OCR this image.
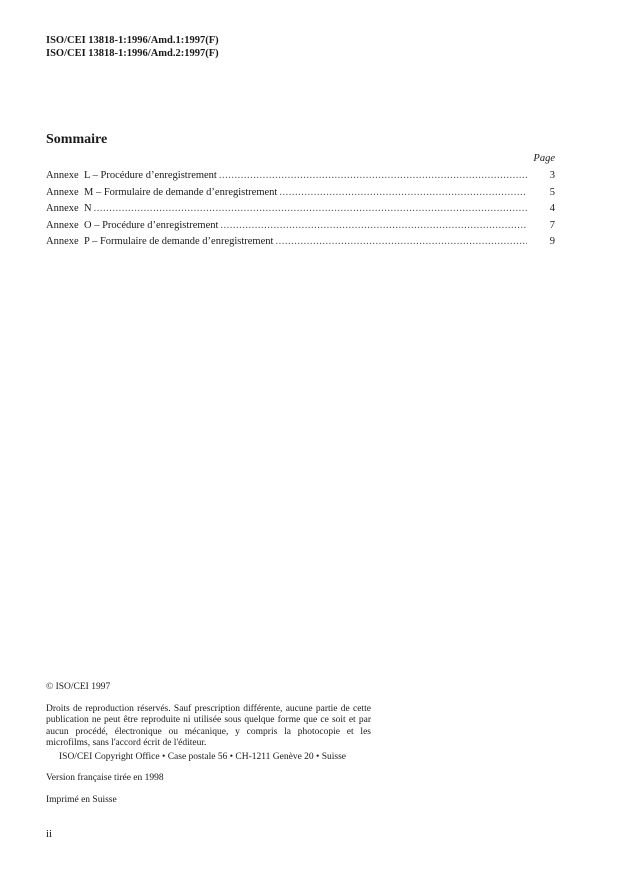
ISO/CEI 13818-1:1996/Amd.1:1997(F)
ISO/CEI 13818-1:1996/Amd.2:1997(F)
Sommaire
Page
Annexe L – Procédure d’enregistrement .....	3
Annexe M – Formulaire de demande d’enregistrement .....	5
Annexe N .....	4
Annexe O – Procédure d’enregistrement .....	7
Annexe P – Formulaire de demande d’enregistrement .....	9
© ISO/CEI 1997
Droits de reproduction réservés. Sauf prescription différente, aucune partie de cette publication ne peut être reproduite ni utilisée sous quelque forme que ce soit et par aucun procédé, électronique ou mécanique, y compris la photocopie et les microfilms, sans l'accord écrit de l'éditeur.
ISO/CEI Copyright Office • Case postale 56 • CH-1211 Genève 20 • Suisse
Version française tirée en 1998
Imprimé en Suisse
ii
